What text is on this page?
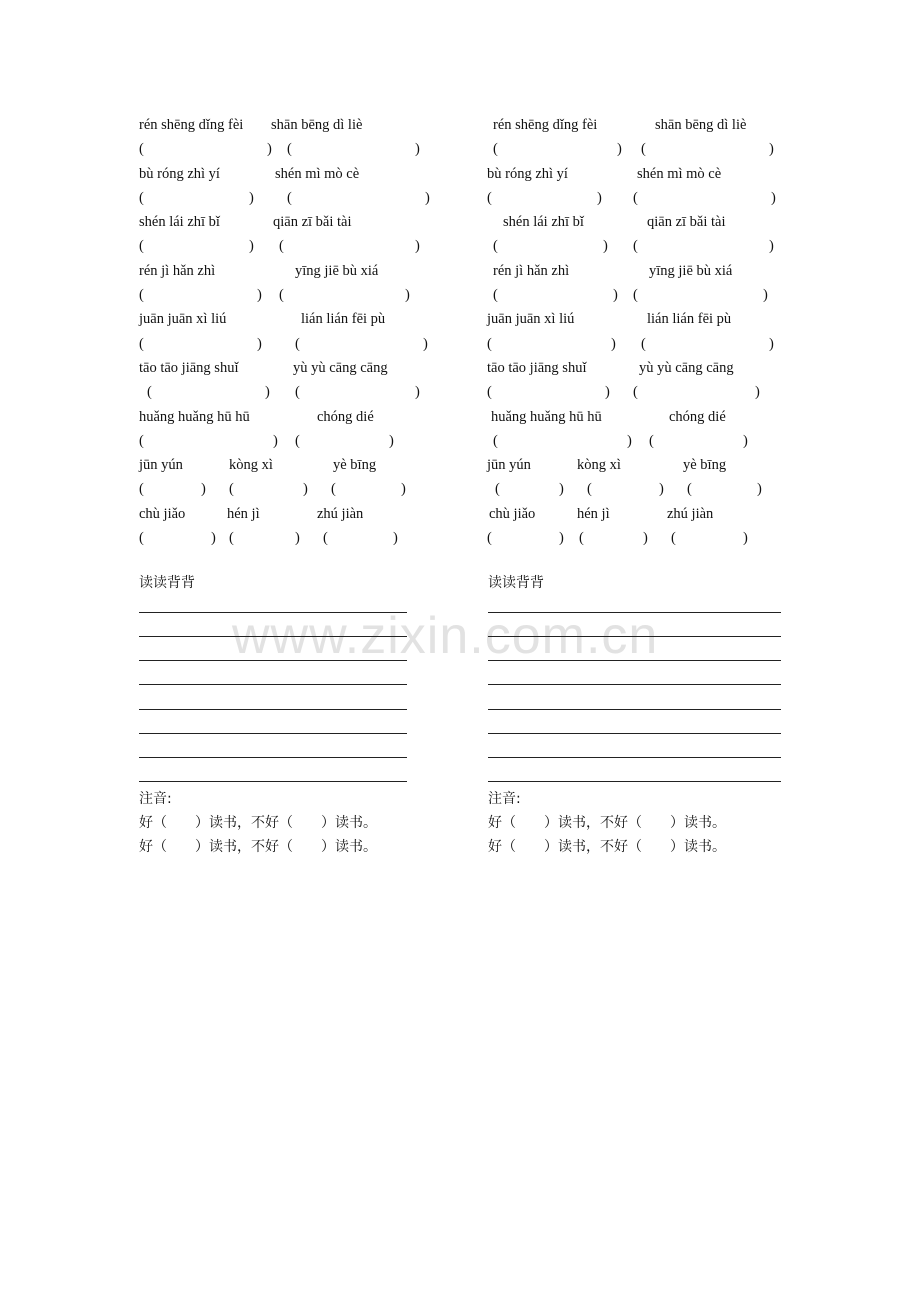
www.zixin.com.cn
rén shēng dǐng fèi shān bēng dì liè
(	) (	)
bù róng zhì yí	shén mì mò cè
(	) (	)
shén lái zhī bǐ	qiān zī bǎi tài
(	) (	)
rén jì hǎn zhì	yīng jiē bù xiá
(	) (	)
juān juān xì liú	lián lián fēi pù
(	) (	)
tāo tāo jiāng shuǐ	yù yù cāng cāng
(	) (	)
huǎng huǎng hū hū	chóng dié
(	) (	)
jūn yún	kòng xì	yè bīng
(	) (	) (	)
chù jiǎo	hén jì	zhú jiàn
(	) (	) (	)
rén shēng dǐng fèi	shān bēng dì liè
(	) (	)
bù róng zhì yí	shén mì mò cè
(	) (	)
shén lái zhī bǐ	qiān zī bǎi tài
(	) (	)
rén jì hǎn zhì	yīng jiē bù xiá
(	) (	)
juān juān xì liú	lián lián fēi pù
(	) (	)
tāo tāo jiāng shuǐ	yù yù cāng cāng
(	) (	)
huǎng huǎng hū hū	chóng dié
(	) (	)
jūn yún	kòng xì	yè bīng
(	) (	) (	)
chù jiǎo	hén jì	zhú jiàn
(	) (	) (	)
读读背背	读读背背
注音:
好（　　）读书，不好（　　）读书。
好（　　）读书，不好（　　）读书。
注音:
好（　　）读书，不好（　　）读书。
好（　　）读书，不好（　　）读书。
